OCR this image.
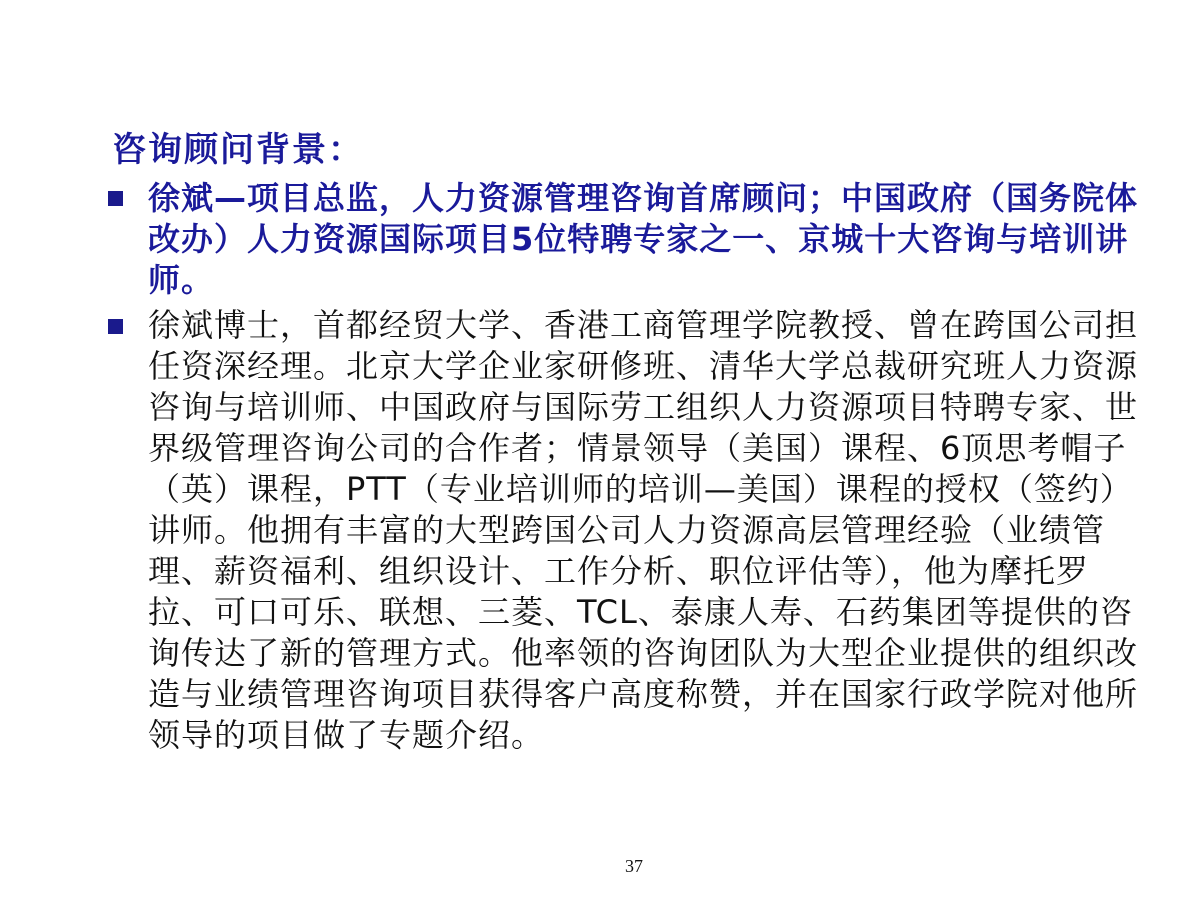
咨询顾问背景：
徐斌—项目总监，人力资源管理咨询首席顾问；中国政府（国务院体改办）人力资源国际项目5位特聘专家之一、京城十大咨询与培训讲师。
徐斌博士，首都经贸大学、香港工商管理学院教授、曾在跨国公司担任资深经理。北京大学企业家研修班、清华大学总裁研究班人力资源咨询与培训师、中国政府与国际劳工组织人力资源项目特聘专家、世界级管理咨询公司的合作者；情景领导（美国）课程、6顶思考帽子（英）课程，PTT（专业培训师的培训—美国）课程的授权（签约）讲师。他拥有丰富的大型跨国公司人力资源高层管理经验（业绩管理、薪资福利、组织设计、工作分析、职位评估等），他为摩托罗拉、可口可乐、联想、三菱、TCL、泰康人寿、石药集团等提供的咨询传达了新的管理方式。他率领的咨询团队为大型企业提供的组织改造与业绩管理咨询项目获得客户高度称赞，并在国家行政学院对他所领导的项目做了专题介绍。
37
